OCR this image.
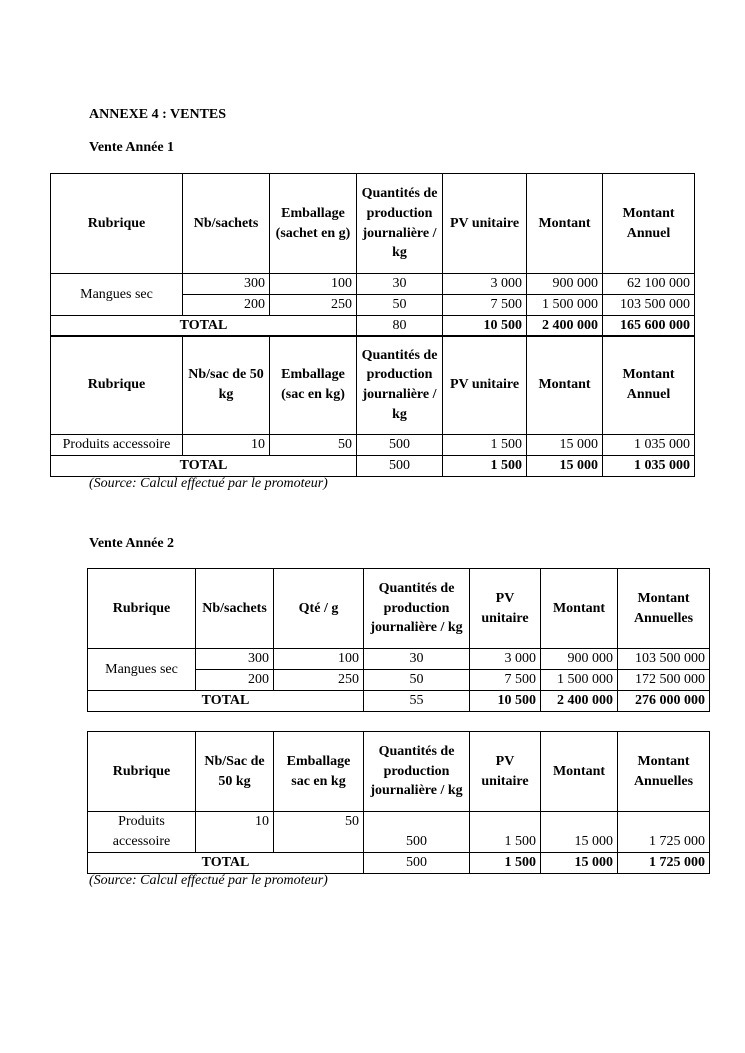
ANNEXE 4 : VENTES
Vente Année 1
Rubrique	Nb/sachets	Emballage (sachet en g)	Quantités de production journalière / kg	PV unitaire	Montant	Montant Annuel
Mangues sec	300	100	30	3 000	900 000	62 100 000
	200	250	50	7 500	1 500 000	103 500 000
TOTAL			80	10 500	2 400 000	165 600 000
Rubrique	Nb/sac de 50 kg	Emballage (sac en kg)	Quantités de production journalière / kg	PV unitaire	Montant	Montant Annuel
Produits accessoire	10	50	500	1 500	15 000	1 035 000
TOTAL			500	1 500	15 000	1 035 000
(Source: Calcul effectué par le promoteur)
Vente Année 2
Rubrique	Nb/sachets	Qté / g	Quantités de production journalière / kg	PV unitaire	Montant	Montant Annuelles
Mangues sec	300	100	30	3 000	900 000	103 500 000
	200	250	50	7 500	1 500 000	172 500 000
TOTAL			55	10 500	2 400 000	276 000 000
Rubrique	Nb/Sac de 50 kg	Emballage sac en kg	Quantités de production journalière / kg	PV unitaire	Montant	Montant Annuelles
Produits accessoire	10	50	500	1 500	15 000	1 725 000
TOTAL			500	1 500	15 000	1 725 000
(Source: Calcul effectué par le promoteur)
